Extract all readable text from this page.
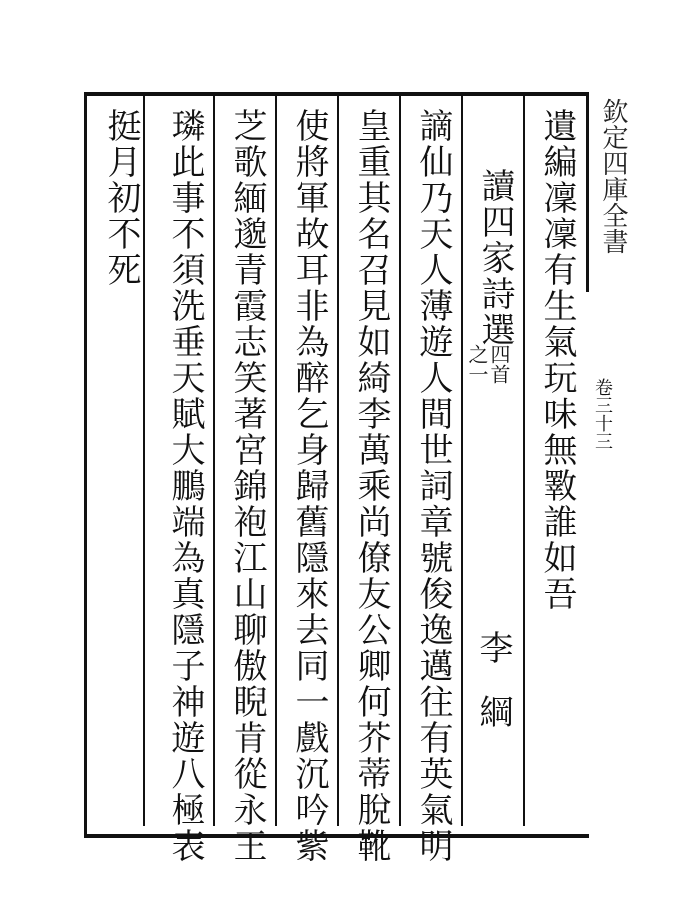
欽定四庫全書
卷三十三
遺編凜凜有生氣玩味無斁誰如吾
讀四家詩選
四首
之一
李綱
謫仙乃天人薄遊人間世詞章號俊逸邁往有英氣明
皇重其名召見如綺李萬乘尚僚友公卿何芥蒂脫靴
使將軍故耳非為醉乞身歸舊隱來去同一戲沉吟紫
芝歌緬邈青霞志笑著宮錦袍江山聊傲睨肯從永王
璘此事不須洗垂天賦大鵬端為真隱子神遊八極表
挺月初不死
